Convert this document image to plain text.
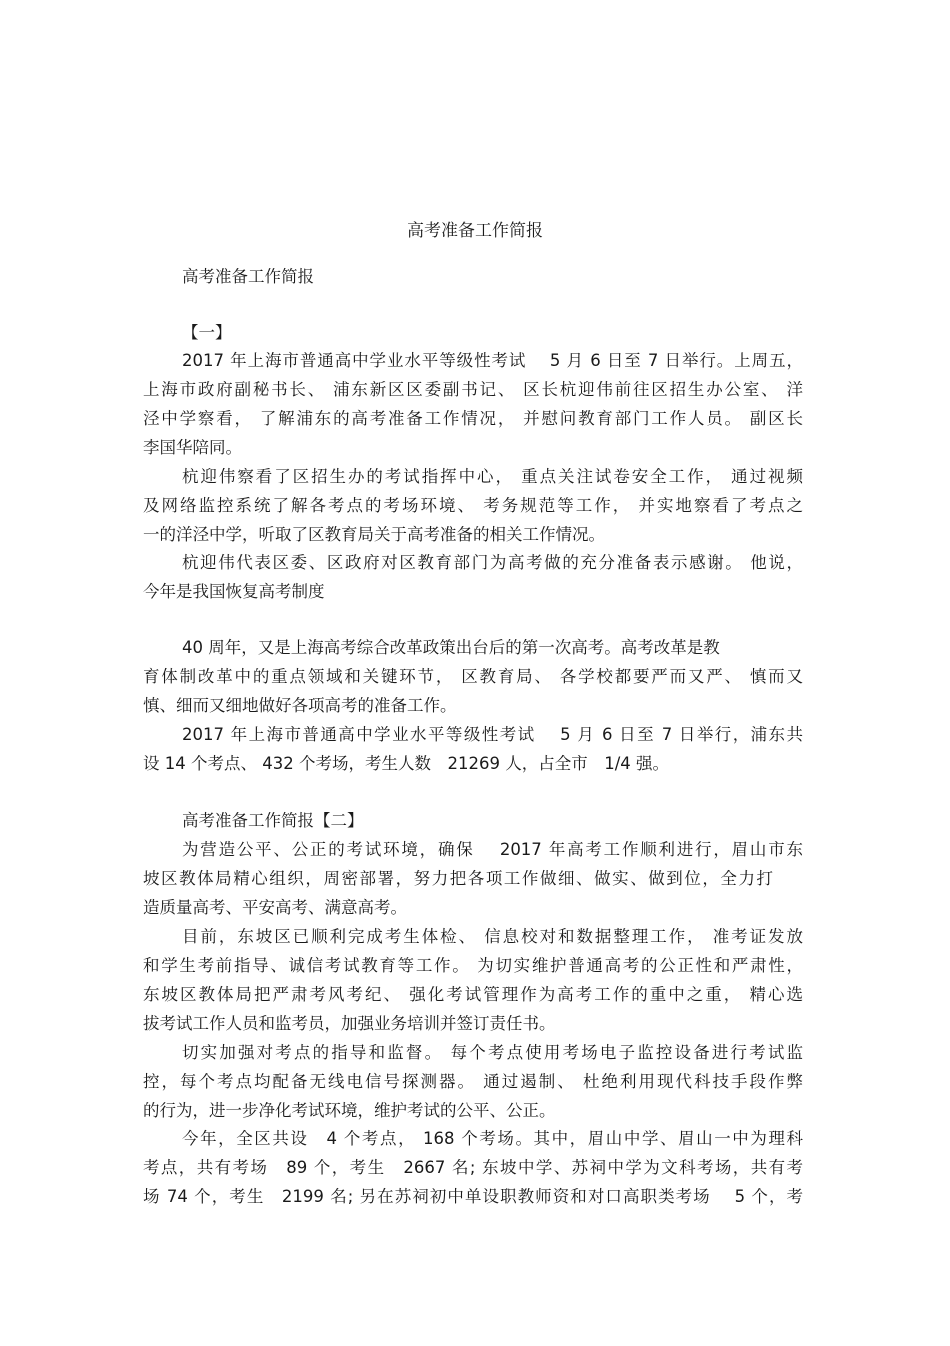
高考准备工作简报
高考准备工作简报
【一】
2017 年上海市普通高中学业水平等级性考试　 5 月 6 日至 7 日举行。上周五，
上海市政府副秘书长、 浦东新区区委副书记、 区长杭迎伟前往区招生办公室、 洋
泾中学察看， 了解浦东的高考准备工作情况， 并慰问教育部门工作人员。 副区长
李国华陪同。
杭迎伟察看了区招生办的考试指挥中心， 重点关注试卷安全工作， 通过视频
及网络监控系统了解各考点的考场环境、 考务规范等工作， 并实地察看了考点之
一的洋泾中学，听取了区教育局关于高考准备的相关工作情况。
杭迎伟代表区委、区政府对区教育部门为高考做的充分准备表示感谢。 他说，
今年是我国恢复高考制度
40 周年，又是上海高考综合改革政策出台后的第一次高考。高考改革是教
育体制改革中的重点领域和关键环节， 区教育局、 各学校都要严而又严、 慎而又
慎、细而又细地做好各项高考的准备工作。
2017 年上海市普通高中学业水平等级性考试　 5 月 6 日至 7 日举行，浦东共
设 14 个考点、 432 个考场，考生人数　21269 人，占全市　1/4 强。
高考准备工作简报【二】
为营造公平、公正的考试环境，确保　 2017 年高考工作顺利进行，眉山市东
坡区教体局精心组织，周密部署，努力把各项工作做细、做实、做到位，全力打
造质量高考、平安高考、满意高考。
目前，东坡区已顺利完成考生体检、 信息校对和数据整理工作， 准考证发放
和学生考前指导、诚信考试教育等工作。 为切实维护普通高考的公正性和严肃性，
东坡区教体局把严肃考风考纪、 强化考试管理作为高考工作的重中之重， 精心选
拔考试工作人员和监考员，加强业务培训并签订责任书。
切实加强对考点的指导和监督。 每个考点使用考场电子监控设备进行考试监
控，每个考点均配备无线电信号探测器。 通过遏制、 杜绝利用现代科技手段作弊
的行为，进一步净化考试环境，维护考试的公平、公正。
今年，全区共设　4 个考点， 168 个考场。其中，眉山中学、眉山一中为理科
考点，共有考场　89 个，考生　2667 名; 东坡中学、苏祠中学为文科考场，共有考
场 74 个，考生　2199 名; 另在苏祠初中单设职教师资和对口高职类考场　 5 个，考
